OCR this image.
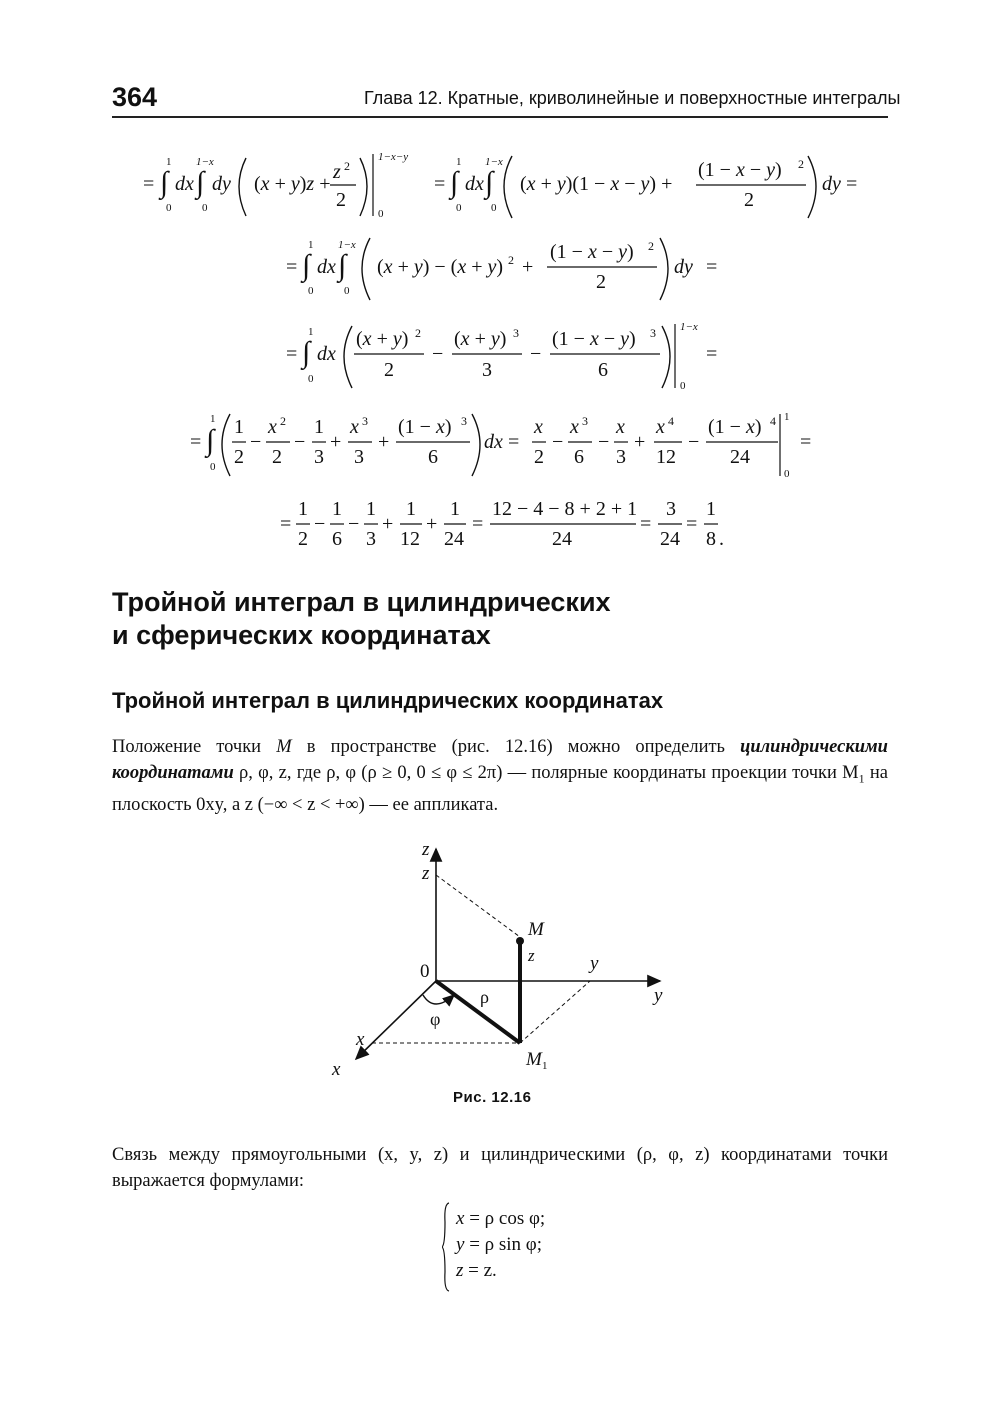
364	Глава 12. Кратные, криволинейные и поверхностные интегралы
= ∫
1
0
dx ∫
1−x
0
dy (x + y)z +
z 2
2
1−x−y
0
= ∫
1
0
dx ∫
1−x
0
(x + y)(1 − x − y) +
(1 − x − y) 2
2
dy =
= ∫
1
0
dx ∫
1−x
0
(x + y) − (x + y) 2 +
(1 − x − y) 2
2
dy =
= ∫
1
0
dx
(x + y) 2
2
−
(x + y) 3
3
−
(1 − x − y) 3
6
1−x
0
=
= ∫
1
0
1
2
−
x 2
2
−
1
3
+
x 3
3
+
(1 − x) 3
6
dx =
x
2
−
x 3
6
−
x
3
+
x 4
12
−
(1 − x) 4
24
1
0
=
=
1
2
−
1
6
−
1
3
+
1
12
+
1
24
=
12 − 4 − 8 + 2 + 1
24
=
3
24
=
1
8 .
Тройной интеграл в цилиндрических
и сферических координатах
Тройной интеграл в цилиндрических координатах
Положение точки M в пространстве (рис. 12.16) можно определить цилиндрическими координатами ρ, φ, z, где ρ, φ (ρ ≥ 0, 0 ≤ φ ≤ 2π) — полярные координаты проекции точки $M_1$ на плоскость 0xy, а z (−∞ < z < +∞) — ее аппликата.
z
z
0
M
z	y
y
ρ
φ
x
x	M 1
Рис. 12.16
Связь между прямоугольными (x, y, z) и цилиндрическими (ρ, φ, z) координатами точки выражается формулами:
x = ρ cos φ;
y = ρ sin φ;
z = z.
